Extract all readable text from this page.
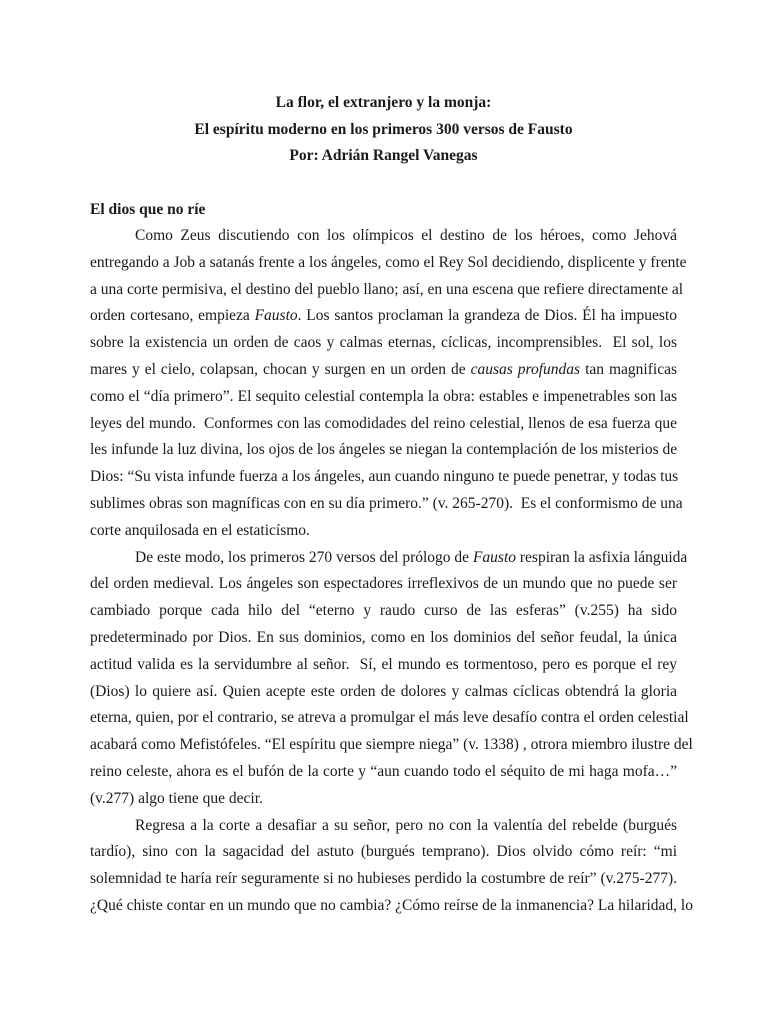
La flor, el extranjero y la monja:
El espíritu moderno en los primeros 300 versos de Fausto
Por: Adrián Rangel Vanegas
El dios que no ríe
Como Zeus discutiendo con los olímpicos el destino de los héroes, como Jehová
entregando a Job a satanás frente a los ángeles, como el Rey Sol decidiendo, displicente y frente
a una corte permisiva, el destino del pueblo llano; así, en una escena que refiere directamente al
orden cortesano, empieza Fausto. Los santos proclaman la grandeza de Dios. Él ha impuesto
sobre la existencia un orden de caos y calmas eternas, cíclicas, incomprensibles.  El sol, los
mares y el cielo, colapsan, chocan y surgen en un orden de causas profundas tan magnificas
como el “día primero”. El sequito celestial contempla la obra: estables e impenetrables son las
leyes del mundo.  Conformes con las comodidades del reino celestial, llenos de esa fuerza que
les infunde la luz divina, los ojos de los ángeles se niegan la contemplación de los misterios de
Dios: “Su vista infunde fuerza a los ángeles, aun cuando ninguno te puede penetrar, y todas tus
sublimes obras son magníficas con en su día primero.” (v. 265-270).  Es el conformismo de una
corte anquilosada en el estaticísmo.
De este modo, los primeros 270 versos del prólogo de Fausto respiran la asfixia lánguida
del orden medieval. Los ángeles son espectadores irreflexivos de un mundo que no puede ser
cambiado porque cada hilo del “eterno y raudo curso de las esferas” (v.255) ha sido
predeterminado por Dios. En sus dominios, como en los dominios del señor feudal, la única
actitud valida es la servidumbre al señor.  Sí, el mundo es tormentoso, pero es porque el rey
(Dios) lo quiere así. Quien acepte este orden de dolores y calmas cíclicas obtendrá la gloria
eterna, quien, por el contrario, se atreva a promulgar el más leve desafío contra el orden celestial
acabará como Mefistófeles. “El espíritu que siempre niega” (v. 1338) , otrora miembro ilustre del
reino celeste, ahora es el bufón de la corte y “aun cuando todo el séquito de mi haga mofa…”
(v.277) algo tiene que decir.
Regresa a la corte a desafiar a su señor, pero no con la valentía del rebelde (burgués
tardío), sino con la sagacidad del astuto (burgués temprano). Dios olvido cómo reír: “mi
solemnidad te haría reír seguramente si no hubieses perdido la costumbre de reír” (v.275-277).
¿Qué chiste contar en un mundo que no cambia? ¿Cómo reírse de la inmanencia? La hilaridad, lo
